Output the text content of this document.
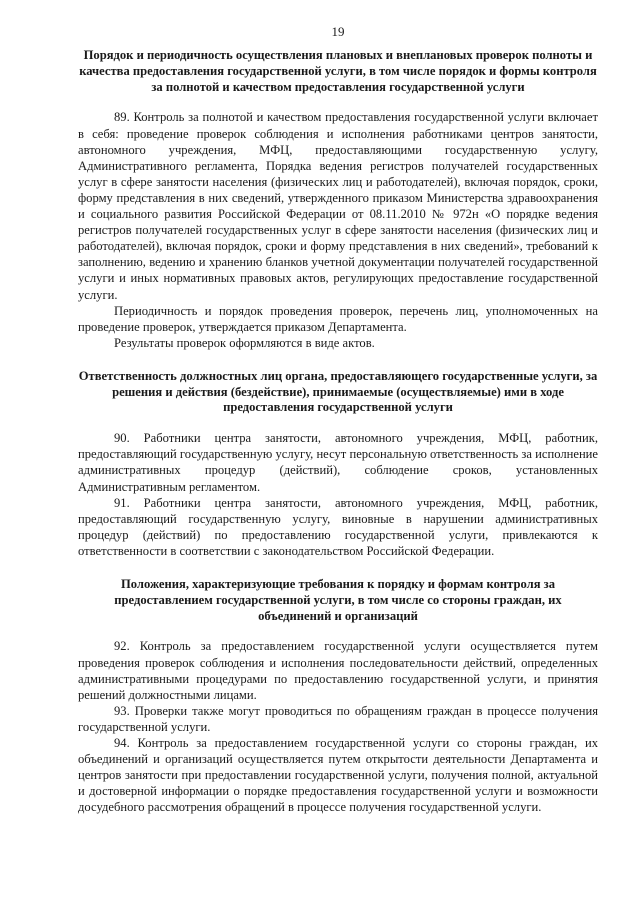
19

Порядок и периодичность осуществления плановых и внеплановых проверок полноты и качества предоставления государственной услуги, в том числе порядок и формы контроля за полнотой и качеством предоставления государственной услуги

89. Контроль за полнотой и качеством предоставления государственной услуги включает в себя: проведение проверок соблюдения и исполнения работниками центров занятости, автономного учреждения, МФЦ, предоставляющими государственную услугу, Административного регламента, Порядка ведения регистров получателей государственных услуг в сфере занятости населения (физических лиц и работодателей), включая порядок, сроки, форму представления в них сведений, утвержденного приказом Министерства здравоохранения и социального развития Российской Федерации от 08.11.2010 № 972н «О порядке ведения регистров получателей государственных услуг в сфере занятости населения (физических лиц и работодателей), включая порядок, сроки и форму представления в них сведений», требований к заполнению, ведению и хранению бланков учетной документации получателей государственной услуги и иных нормативных правовых актов, регулирующих предоставление государственной услуги.

Периодичность и порядок проведения проверок, перечень лиц, уполномоченных на проведение проверок, утверждается приказом Департамента.

Результаты проверок оформляются в виде актов.

Ответственность должностных лиц органа, предоставляющего государственные услуги, за решения и действия (бездействие), принимаемые (осуществляемые) ими в ходе предоставления государственной услуги

90. Работники центра занятости, автономного учреждения, МФЦ, работник, предоставляющий государственную услугу, несут персональную ответственность за исполнение административных процедур (действий), соблюдение сроков, установленных Административным регламентом.

91. Работники центра занятости, автономного учреждения, МФЦ, работник, предоставляющий государственную услугу, виновные в нарушении административных процедур (действий) по предоставлению государственной услуги, привлекаются к ответственности в соответствии с законодательством Российской Федерации.

Положения, характеризующие требования к порядку и формам контроля за предоставлением государственной услуги, в том числе со стороны граждан, их объединений и организаций

92. Контроль за предоставлением государственной услуги осуществляется путем проведения проверок соблюдения и исполнения последовательности действий, определенных административными процедурами по предоставлению государственной услуги, и принятия решений должностными лицами.

93. Проверки также могут проводиться по обращениям граждан в процессе получения государственной услуги.

94. Контроль за предоставлением государственной услуги со стороны граждан, их объединений и организаций осуществляется путем открытости деятельности Департамента и центров занятости при предоставлении государственной услуги, получения полной, актуальной и достоверной информации о порядке предоставления государственной услуги и возможности досудебного рассмотрения обращений в процессе получения государственной услуги.
